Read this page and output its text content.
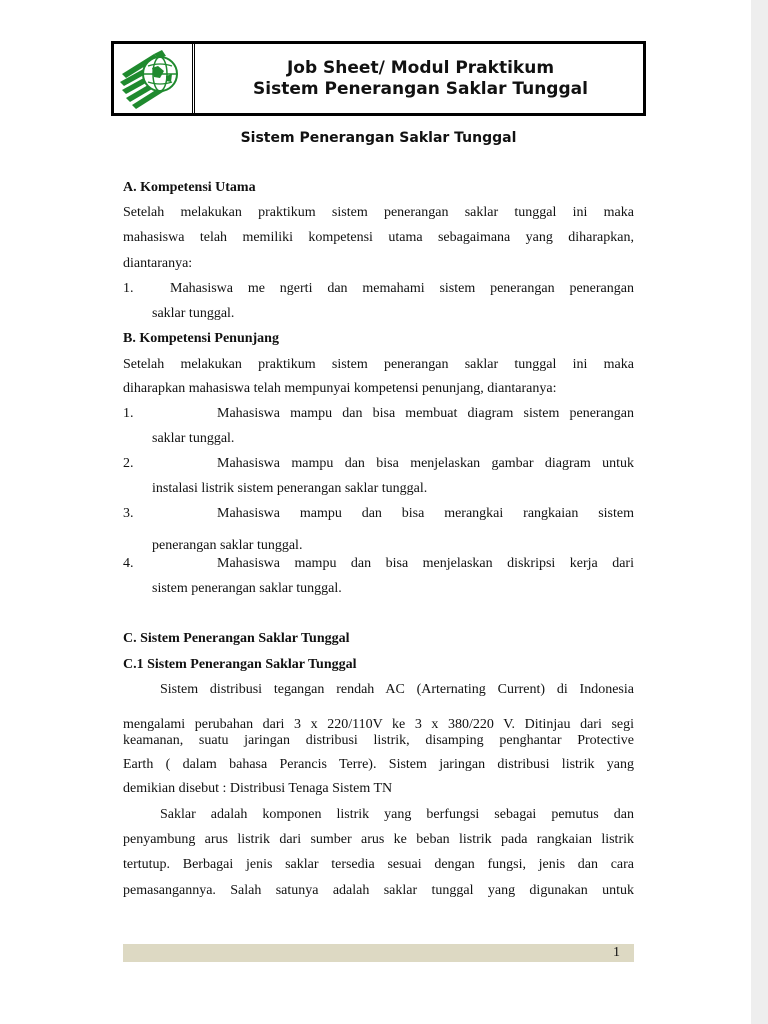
Job Sheet/ Modul Praktikum
Sistem Penerangan Saklar Tunggal
Sistem Penerangan Saklar Tunggal
A. Kompetensi Utama
Setelah melakukan praktikum sistem penerangan saklar tunggal ini maka
mahasiswa telah memiliki kompetensi utama sebagaimana yang diharapkan,
diantaranya:
1.	Mahasiswa me ngerti dan memahami sistem penerangan penerangan
saklar tunggal.
B. Kompetensi Penunjang
Setelah melakukan praktikum sistem penerangan saklar tunggal ini maka
diharapkan mahasiswa telah mempunyai kompetensi penunjang, diantaranya:
1.	Mahasiswa mampu dan bisa membuat diagram sistem penerangan
saklar tunggal.
2.	Mahasiswa mampu dan bisa menjelaskan gambar diagram untuk
instalasi listrik sistem penerangan saklar tunggal.
3.	Mahasiswa mampu dan bisa merangkai rangkaian sistem
penerangan saklar tunggal.
4.	Mahasiswa mampu dan bisa menjelaskan diskripsi kerja dari
sistem penerangan saklar tunggal.
C. Sistem Penerangan Saklar Tunggal
C.1 Sistem Penerangan Saklar Tunggal
Sistem distribusi tegangan rendah AC (Arternating Current) di Indonesia
mengalami perubahan dari 3 x 220/110V ke 3 x 380/220 V. Ditinjau dari segi
keamanan, suatu jaringan distribusi listrik, disamping penghantar Protective
Earth ( dalam bahasa Perancis Terre). Sistem jaringan distribusi listrik yang
demikian disebut : Distribusi Tenaga Sistem TN
Saklar adalah komponen listrik yang berfungsi sebagai pemutus dan
penyambung arus listrik dari sumber arus ke beban listrik pada rangkaian listrik
tertutup. Berbagai jenis saklar tersedia sesuai dengan fungsi, jenis dan cara
pemasangannya. Salah satunya adalah saklar tunggal yang digunakan untuk
1
